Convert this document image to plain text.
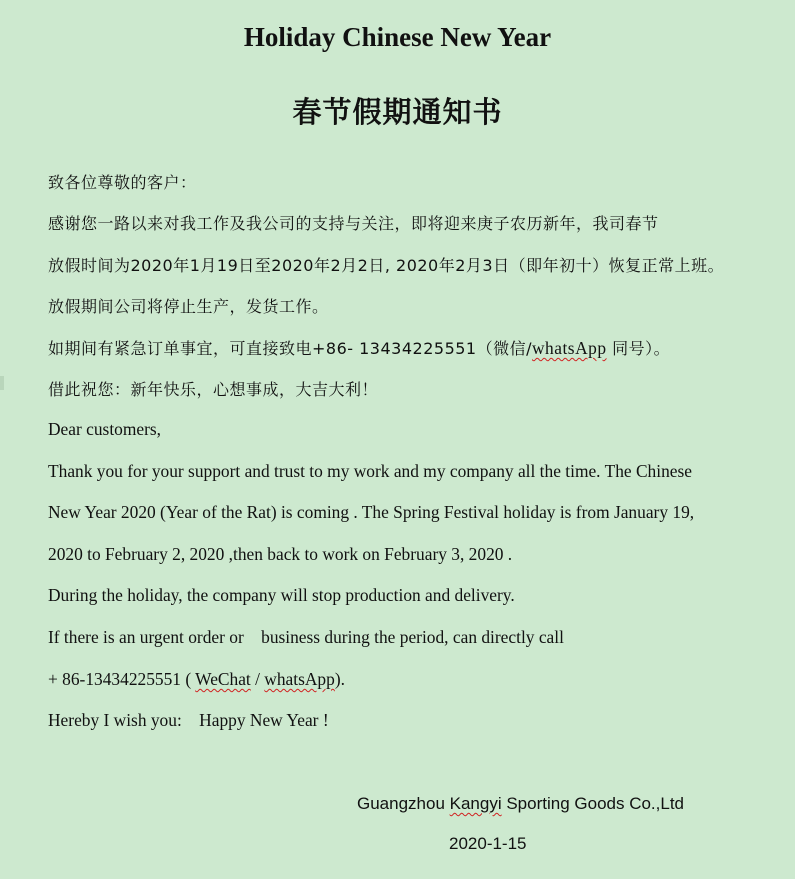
Holiday Chinese New Year
春节假期通知书
致各位尊敬的客户：
感谢您一路以来对我工作及我公司的支持与关注，即将迎来庚子农历新年，我司春节
放假时间为2020年1月19日至2020年2月2日, 2020年2月3日（即年初十）恢复正常上班。
放假期间公司将停止生产，发货工作。
如期间有紧急订单事宜，可直接致电+86- 13434225551（微信/whatsApp 同号）。
借此祝您：新年快乐，心想事成，大吉大利！
Dear customers,
Thank you for your support and trust to my work and my company all the time. The Chinese
New Year 2020 (Year of the Rat) is coming . The Spring Festival holiday is from January 19,
2020 to February 2, 2020 ,then back to work on February 3, 2020 .
During the holiday, the company will stop production and delivery.
If there is an urgent order or    business during the period, can directly call
+ 86-13434225551 ( WeChat / whatsApp).
Hereby I wish you:    Happy New Year !
Guangzhou Kangyi Sporting Goods Co.,Ltd
2020-1-15
